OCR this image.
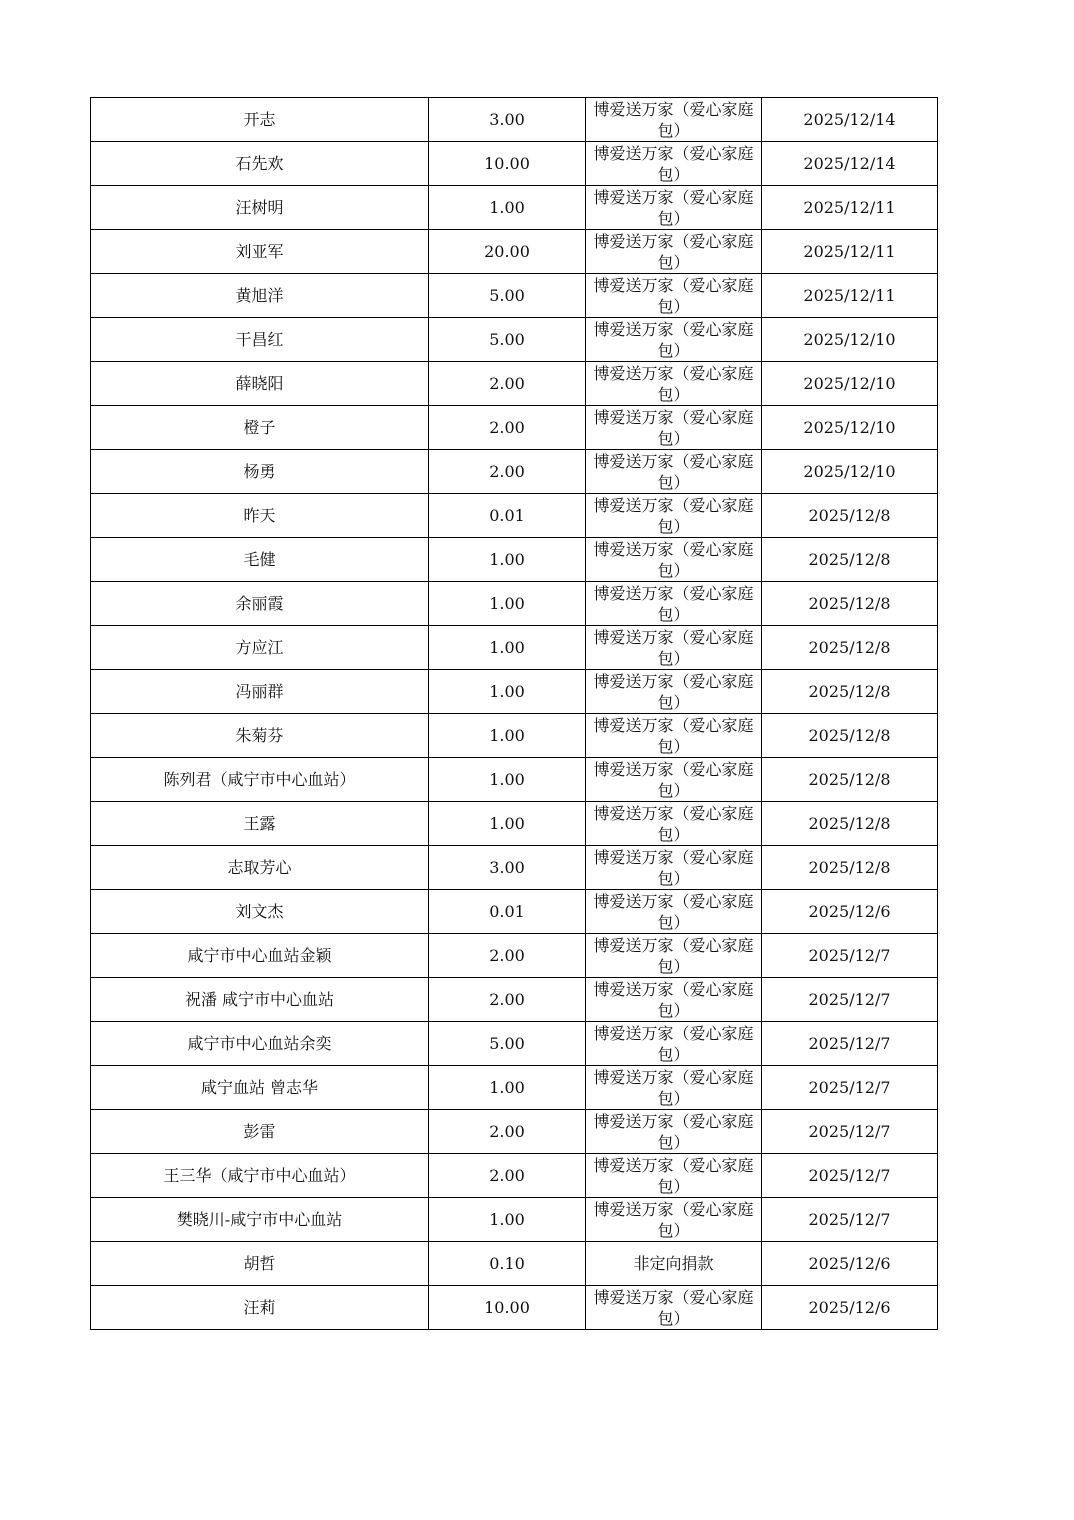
开志	3.00	博爱送万家（爱心家庭包）	2025/12/14
石先欢	10.00	博爱送万家（爱心家庭包）	2025/12/14
汪树明	1.00	博爱送万家（爱心家庭包）	2025/12/11
刘亚军	20.00	博爱送万家（爱心家庭包）	2025/12/11
黄旭洋	5.00	博爱送万家（爱心家庭包）	2025/12/11
干昌红	5.00	博爱送万家（爱心家庭包）	2025/12/10
薛晓阳	2.00	博爱送万家（爱心家庭包）	2025/12/10
橙子	2.00	博爱送万家（爱心家庭包）	2025/12/10
杨勇	2.00	博爱送万家（爱心家庭包）	2025/12/10
昨天	0.01	博爱送万家（爱心家庭包）	2025/12/8
毛健	1.00	博爱送万家（爱心家庭包）	2025/12/8
余丽霞	1.00	博爱送万家（爱心家庭包）	2025/12/8
方应江	1.00	博爱送万家（爱心家庭包）	2025/12/8
冯丽群	1.00	博爱送万家（爱心家庭包）	2025/12/8
朱菊芬	1.00	博爱送万家（爱心家庭包）	2025/12/8
陈列君（咸宁市中心血站）	1.00	博爱送万家（爱心家庭包）	2025/12/8
王露	1.00	博爱送万家（爱心家庭包）	2025/12/8
志取芳心	3.00	博爱送万家（爱心家庭包）	2025/12/8
刘文杰	0.01	博爱送万家（爱心家庭包）	2025/12/6
咸宁市中心血站金颖	2.00	博爱送万家（爱心家庭包）	2025/12/7
祝潘 咸宁市中心血站	2.00	博爱送万家（爱心家庭包）	2025/12/7
咸宁市中心血站余奕	5.00	博爱送万家（爱心家庭包）	2025/12/7
咸宁血站 曾志华	1.00	博爱送万家（爱心家庭包）	2025/12/7
彭雷	2.00	博爱送万家（爱心家庭包）	2025/12/7
王三华（咸宁市中心血站）	2.00	博爱送万家（爱心家庭包）	2025/12/7
樊晓川-咸宁市中心血站	1.00	博爱送万家（爱心家庭包）	2025/12/7
胡哲	0.10	非定向捐款	2025/12/6
汪莉	10.00	博爱送万家（爱心家庭包）	2025/12/6
